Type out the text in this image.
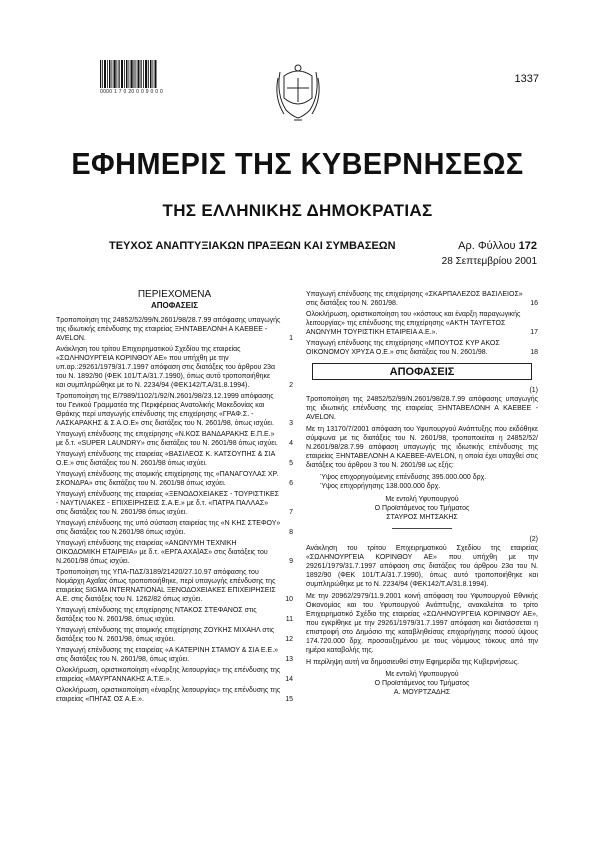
0000 1 7 0 20 0 0 9 0 0 0
1337
ΕΦΗΜΕΡΙΣ ΤΗΣ ΚΥΒΕΡΝΗΣΕΩΣ
ΤΗΣ ΕΛΛΗΝΙΚΗΣ ΔΗΜΟΚΡΑΤΙΑΣ
ΤΕΥΧΟΣ ΑΝΑΠΤΥΞΙΑΚΩΝ ΠΡΑΞΕΩΝ ΚΑΙ ΣΥΜΒΑΣΕΩΝ	Αρ. Φύλλου 172
28 Σεπτεμβρίου 2001
ΠΕΡΙΕΧΟΜΕΝΑ
ΑΠΟΦΑΣΕΙΣ
Τροποποίηση της 24852/52/99/Ν.2601/98/28.7.99 απόφασης υπαγωγής της ιδιωτικής επένδυσης της εταιρείας ΞΗΝΤΑΒΕΛΟΝΗ Α ΚΑΕΒΕΕ - AVELON.	1
Ανάκληση του τρίτου Επιχειρηματικού Σχεδίου της εταιρείας «ΣΩΛΗΝΟΥΡΓΕΙΑ ΚΟΡΙΝΘΟΥ ΑΕ» που υπήχθη με την υπ.αρ.:29261/1979/31.7.1997 απόφαση στις διατάξεις του άρθρου 23α του Ν. 1892/90 (ΦΕΚ 101/Τ.Α/31.7.1990), όπως αυτό τροποποιήθηκε και συμπληρώθηκε με το Ν. 2234/94 (ΦΕΚ142/Τ.Α/31.8.1994).	2
Τροποποίηση της Ε/7989/1102/1/92/Ν.2601/98/23.12.1999 απόφασης του Γενικού Γραμματέα της Περιφέρειας Ανατολικής Μακεδονίας και Θράκης περί υπαγωγής επένδυσης της επιχείρησης «ΓΡΑΦ.Σ. - ΛΑΣΚΑΡΑΚΗΣ & Σ Α.Ο.Ε» στις διατάξεις του Ν. 2601/98, όπως ισχύει.	3
Υπαγωγή επένδυσης της επιχείρησης «Ν.ΚΟΣ ΒΑΝΔΑΡΑΚΗΣ Ε.Π.Ε.» με δ.τ. «SUPER LAUNDRY» στις διατάξεις του Ν. 2601/98 όπως ισχύει.	4
Υπαγωγή επένδυσης της εταιρείας «ΒΑΣΙΛΕΟΣ Κ. ΚΑΤΣΟΥΠΗΣ & ΣΙΑ Ο.Ε.» στις διατάξεις του Ν. 2601/98 όπως ισχύει.	5
Υπαγωγή επένδυσης της ατομικής επιχείρησης της «ΠΑΝΑΓΟΥΛΑΣ ΧΡ. ΣΚΟΝΔΡΑ» στις διατάξεις του Ν. 2601/98 όπως ισχύει.	6
Υπαγωγή επένδυσης της εταιρείας «ΞΕΝΟΔΟΧΕΙΑΚΕΣ - ΤΟΥΡΙΣΤΙΚΕΣ - ΝΑΥΤΙΛΙΑΚΕΣ - ΕΠΙΧΕΙΡΗΣΕΙΣ Σ.Α.Ε.» με δ.τ. «ΠΑΤΡΑ ΠΑΛΛΑΣ» στις διατάξεις του Ν. 2601/98 όπως ισχύει.	7
Υπαγωγή επένδυσης της υπό σύσταση εταιρείας της «Ν ΚΗΣ ΣΤΕΦΟΥ» στις διατάξεις του Ν.2601/98 όπως ισχύει.	8
Υπαγωγή επένδυσης της εταιρείας «ΑΝΩΝΥΜΗ ΤΕΧΝΙΚΗ ΟΙΚΟΔΟΜΙΚΗ ΕΤΑΙΡΕΙΑ» με δ.τ. «ΕΡΓΑ ΑΧΑΪΑΣ» στις διατάξεις του Ν.2601/98 όπως ισχύει.	9
Τροποποίηση της ΥΠΑ-ΠΔΣ/3189/21420/27.10.97 απόφασης του Νομάρχη Αχαΐας όπως τροποποιήθηκε, περί υπαγωγής επένδυσης της εταιρείας SIGMA INTERNATIONAL ΞΕΝΟΔΟΧΕΙΑΚΕΣ ΕΠΙΧΕΙΡΗΣΕΙΣ Α.Ε. στις διατάξεις του Ν. 1262/82 όπως ισχύει.	10
Υπαγωγή επένδυσης της επιχείρησης ΝΤΑΚΟΣ ΣΤΕΦΑΝΟΣ στις διατάξεις του Ν. 2601/98, όπως ισχύει.	11
Υπαγωγή επένδυσης της ατομικής επιχείρησης ΖΟΥΚΗΣ ΜΙΧΑΗΛ στις διατάξεις του Ν. 2601/98, όπως ισχύει.	12
Υπαγωγή επένδυσης της εταιρείας «Α ΚΑΤΕΡΙΝΗ ΣΤΑΜΟΥ & ΣΙΑ Ε.Ε.» στις διατάξεις του Ν. 2601/98, όπως ισχύει.	13
Ολοκλήρωση, οριστικοποίηση «έναρξης λειτουργίας» της επένδυσης της εταιρείας «ΜΑΥΡΓΑΝΝΑΚΗΣ Α.Τ.Ε.».	14
Ολοκλήρωση, οριστικοποίηση «έναρξης λειτουργίας» της επένδυσης της εταιρείας «ΠΗΓΑΣ ΟΣ Α.Ε.».	15
Υπαγωγή επένδυσης της επιχείρησης «ΣΚΑΡΠΑΛΕΖΟΣ ΒΑΣΙΛΕΙΟΣ» στις διατάξεις του Ν. 2601/98.	16
Ολοκλήρωση, οριστικοποίηση του «κόστους και έναρξη παραγωγικής λειτουργίας» της επένδυσης της επιχείρησης «ΑΚΤΗ ΤΑΥΓΕΤΟΣ ΑΝΩΝΥΜΗ ΤΟΥΡΙΣΤΙΚΗ ΕΤΑΙΡΕΙΑ Α.Ε.».	17
Υπαγωγή επένδυσης της επιχείρησης «ΜΠΟΥΤΟΣ ΚΥΡ ΑΚΟΣ ΟΙΚΟΝΟΜΟΥ ΧΡΥΣΑ Ο.Ε.» στις διατάξεις του Ν. 2601/98.	18
ΑΠΟΦΑΣΕΙΣ
(1)
Τροποποίηση της 24852/52/99/Ν.2601/98/28.7.99 απόφασης υπαγωγής της ιδιωτικής επένδυσης της εταιρείας ΞΗΝΤΑΒΕΛΟΝΗ Α ΚΑΕΒΕΕ - AVELON.
Με τη 13170/7/2001 απόφαση του Υφυπουργού Ανάπτυξης που εκδόθηκε σύμφωνα με τις διατάξεις του Ν. 2601/98, τροποποιείται η 24852/52/Ν.2601/98/28.7.99 απόφαση υπαγωγής της ιδιωτικής επένδυσης της εταιρείας ΞΗΝΤΑΒΕΛΟΝΗ Α ΚΑΕΒΕΕ-AVELON, η οποία έχει υπαχθεί στις διατάξεις του άρθρου 3 του Ν. 2601/98 ως εξής:
Ύψος επιχορηγούμενης επένδυσης 395.000.000 δρχ.
Ύψος επιχορήγησης 138.000.000 δρχ.
Με εντολή Υφυπουργού
Ο Προϊστάμενος του Τμήματος
ΣΤΑΥΡΟΣ ΜΗΤΣΑΚΗΣ
(2)
Ανάκληση του τρίτου Επιχειρηματικού Σχεδίου της εταιρείας «ΣΩΛΗΝΟΥΡΓΕΙΑ ΚΟΡΙΝΘΟΥ ΑΕ» που υπήχθη με την 29261/1979/31.7.1997 απόφαση στις διατάξεις του άρθρου 23α του Ν. 1892/90 (ΦΕΚ 101/Τ.Α/31.7.1990), όπως αυτό τροποποιήθηκε και συμπληρώθηκε με το Ν. 2234/94 (ΦΕΚ142/Τ.Α/31.8.1994).
Με την 20962/2979/11.9.2001 κοινή απόφαση του Υφυπουργού Εθνικής Οικονομίας και του Υφυπουργού Ανάπτυξης, ανακαλείται το τρίτο Επιχειρηματικό Σχέδιο της εταιρείας «ΣΩΛΗΝΟΥΡΓΕΙΑ ΚΟΡΙΝΘΟΥ ΑΕ», που εγκρίθηκε με την 29261/1979/31.7.1997 απόφαση και διατάσσεται η επιστροφή στο Δημόσιο της καταβληθείσας επιχορήγησης ποσού ύψους 174.720.000 δρχ. προσαυξημένου με τους νόμιμους τόκους από την ημέρα καταβολής της.
Η περίληψη αυτή να δημοσιευθεί στην Εφημερίδα της Κυβερνήσεως.
Με εντολή Υφυπουργού
Ο Προϊστάμενος του Τμήματος
Α. ΜΟΥΡΤΖΑΔΗΣ
